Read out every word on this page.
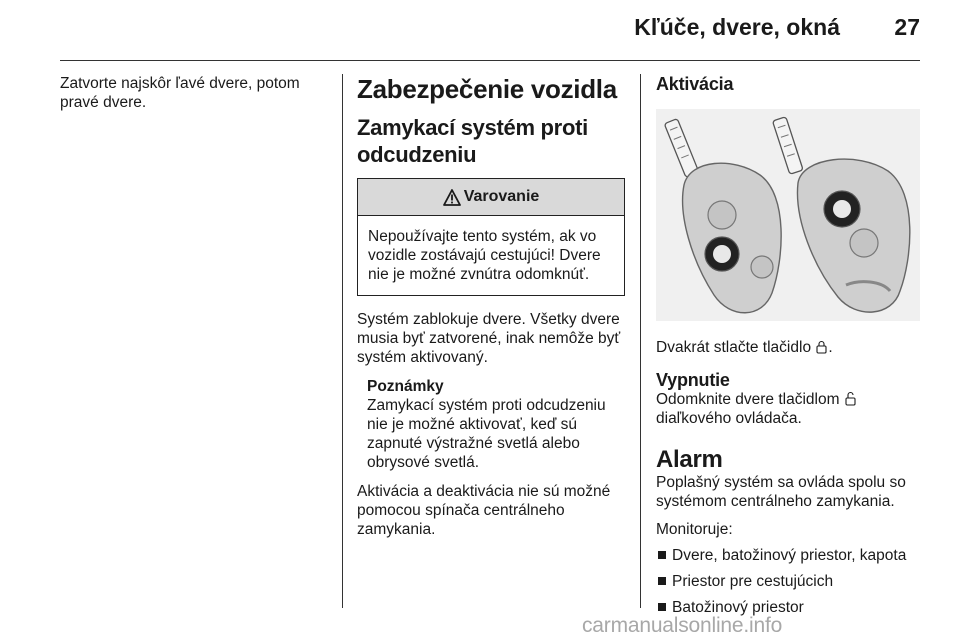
Kľúče, dvere, okná 27

Zatvorte najskôr ľavé dvere, potom pravé dvere.	Zabezpečenie vozidla
Zamykací systém proti odcudzeniu
Varovanie

Nepoužívajte tento systém, ak vo vozidle zostávajú cestujúci! Dvere nie je možné zvnútra odomknúť.

Systém zablokuje dvere. Všetky dvere musia byť zatvorené, inak nemôže byť systém aktivovaný.

Poznámky

Zamykací systém proti odcudzeniu nie je možné aktivovať, keď sú zapnuté výstražné svetlá alebo obrysové svetlá.

Aktivácia a deaktivácia nie sú možné pomocou spínača centrálneho zamykania.

Aktivácia

Dvakrát stlačte tlačidlo .

Vypnutie

Odomknite dvere tlačidlom
diaľkového ovládača.

Alarm

Poplašný systém sa ovláda spolu so systémom centrálneho zamykania.

Monitoruje:

Dvere, batožinový priestor, kapota
Priestor pre cestujúcich
Batožinový priestor
carmanualsonline.info
